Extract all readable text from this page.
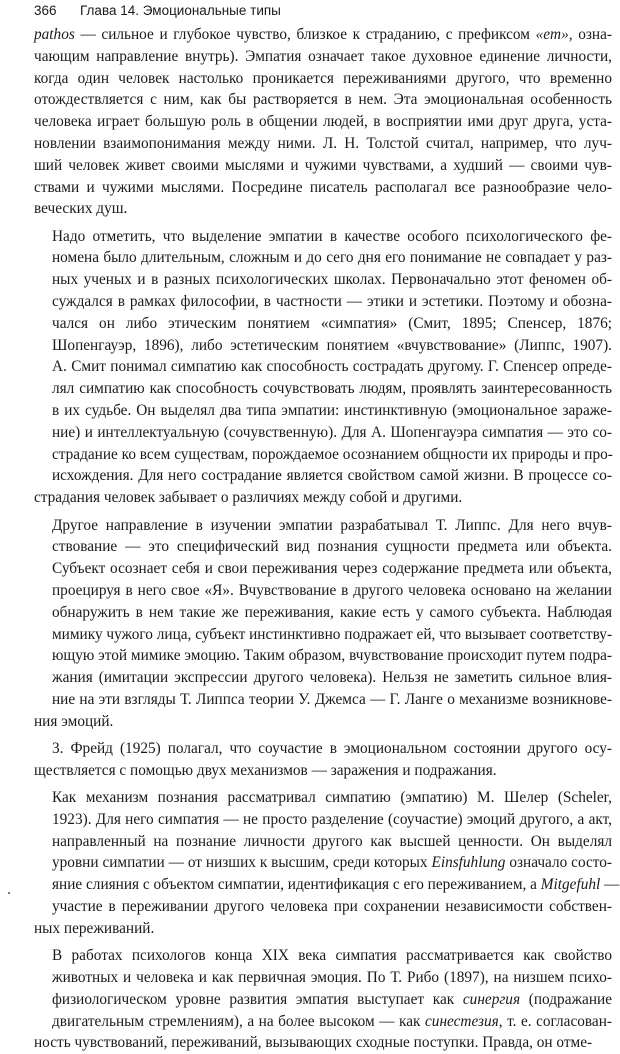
366 Глава 14. Эмоциональные типы
pathos — сильное и глубокое чувство, близкое к страданию, с префиксом «em», озна-
чающим направление внутрь). Эмпатия означает такое духовное единение личности,
когда один человек настолько проникается переживаниями другого, что временно
отождествляется с ним, как бы растворяется в нем. Эта эмоциональная особенность
человека играет большую роль в общении людей, в восприятии ими друг друга, уста-
новлении взаимопонимания между ними. Л. Н. Толстой считал, например, что луч-
ший человек живет своими мыслями и чужими чувствами, а худший — своими чув-
ствами и чужими мыслями. Посредине писатель располагал все разнообразие чело-
веческих душ.
Надо отметить, что выделение эмпатии в качестве особого психологического фе-
номена было длительным, сложным и до сего дня его понимание не совпадает у раз-
ных ученых и в разных психологических школах. Первоначально этот феномен об-
суждался в рамках философии, в частности — этики и эстетики. Поэтому и обозна-
чался он либо этическим понятием «симпатия» (Смит, 1895; Спенсер, 1876;
Шопенгауэр, 1896), либо эстетическим понятием «вчувствование» (Липпс, 1907).
А. Смит понимал симпатию как способность сострадать другому. Г. Спенсер опреде-
лял симпатию как способность сочувствовать людям, проявлять заинтересованность
в их судьбе. Он выделял два типа эмпатии: инстинктивную (эмоциональное зараже-
ние) и интеллектуальную (сочувственную). Для А. Шопенгауэра симпатия — это со-
страдание ко всем существам, порождаемое осознанием общности их природы и про-
исхождения. Для него сострадание является свойством самой жизни. В процессе со-
страдания человек забывает о различиях между собой и другими.
Другое направление в изучении эмпатии разрабатывал Т. Липпс. Для него вчув-
ствование — это специфический вид познания сущности предмета или объекта.
Субъект осознает себя и свои переживания через содержание предмета или объекта,
проецируя в него свое «Я». Вчувствование в другого человека основано на желании
обнаружить в нем такие же переживания, какие есть у самого субъекта. Наблюдая
мимику чужого лица, субъект инстинктивно подражает ей, что вызывает соответству-
ющую этой мимике эмоцию. Таким образом, вчувствование происходит путем подра-
жания (имитации экспрессии другого человека). Нельзя не заметить сильное влия-
ние на эти взгляды Т. Липпса теории У. Джемса — Г. Ланге о механизме возникнове-
ния эмоций.
3. Фрейд (1925) полагал, что соучастие в эмоциональном состоянии другого осу-
ществляется с помощью двух механизмов — заражения и подражания.
Как механизм познания рассматривал симпатию (эмпатию) М. Шелер (Scheler,
1923). Для него симпатия — не просто разделение (соучастие) эмоций другого, а акт,
направленный на познание личности другого как высшей ценности. Он выделял
уровни симпатии — от низших к высшим, среди которых Einsfuhlung означало состо-
яние слияния с объектом симпатии, идентификация с его переживанием, а Mitgefuhl —
участие в переживании другого человека при сохранении независимости собствен-
ных переживаний.
В работах психологов конца XIX века симпатия рассматривается как свойство
животных и человека и как первичная эмоция. По Т. Рибо (1897), на низшем психо-
физиологическом уровне развития эмпатия выступает как синергия (подражание
двигательным стремлениям), а на более высоком — как синестезия, т. е. согласован-
ность чувствований, переживаний, вызывающих сходные поступки. Правда, он отме-
